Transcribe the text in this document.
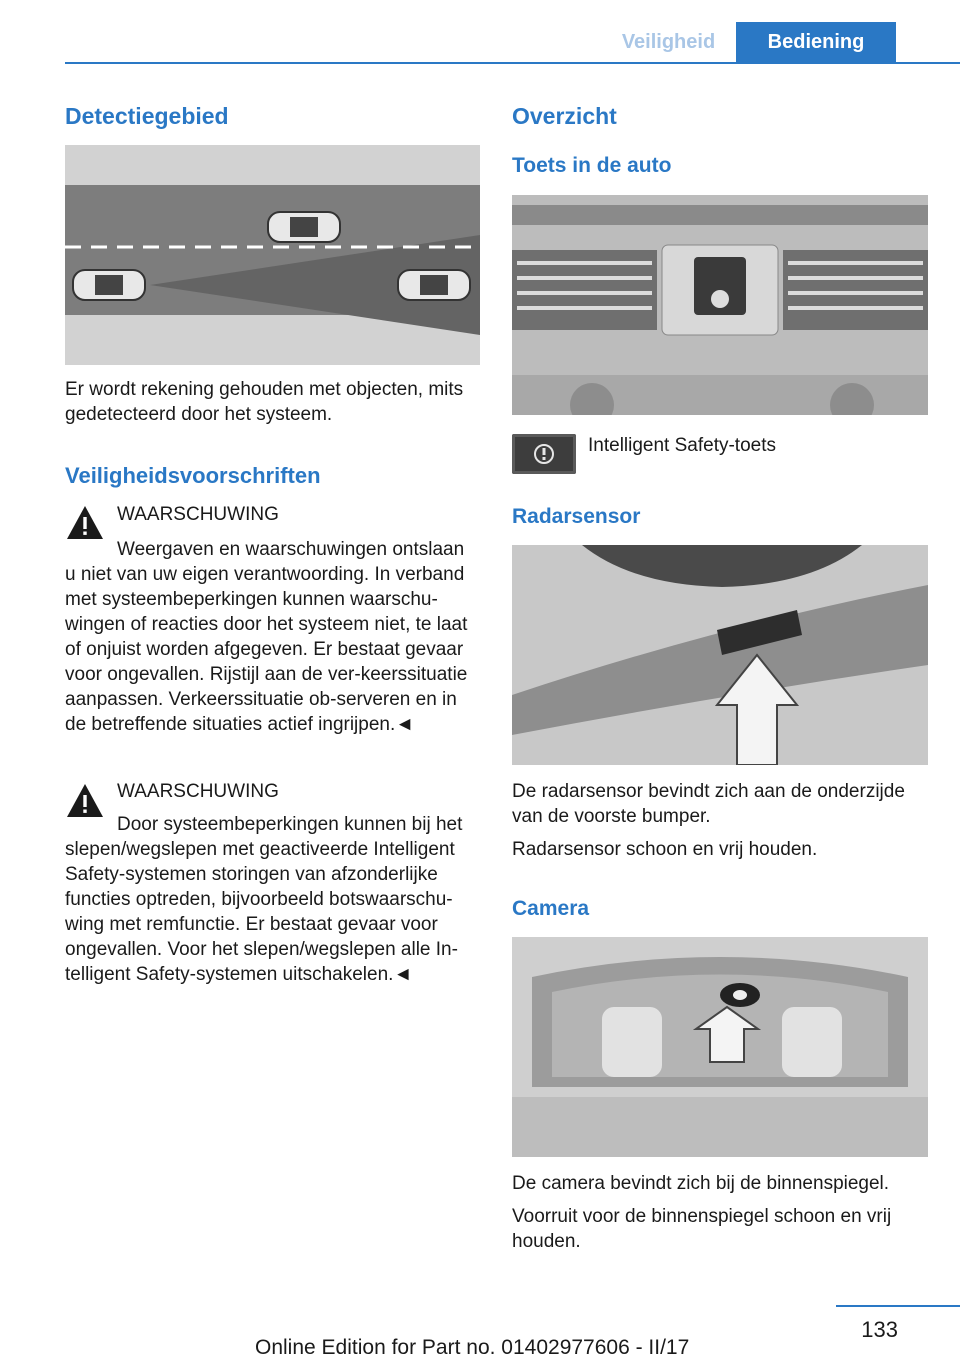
Veiligheid	Bediening
Detectiegebied
Er wordt rekening gehouden met objecten, mits gedetecteerd door het systeem.
Veiligheidsvoorschriften
WAARSCHUWING
Weergaven en waarschuwingen ontslaan
u niet van uw eigen verantwoording. In verband met systeembeperkingen kunnen waarschu-wingen of reacties door het systeem niet, te laat of onjuist worden afgegeven. Er bestaat gevaar voor ongevallen. Rijstijl aan de ver-keerssituatie aanpassen. Verkeerssituatie ob-serveren en in de betreffende situaties actief ingrijpen.◄
WAARSCHUWING
Door systeembeperkingen kunnen bij het
slepen/wegslepen met geactiveerde Intelligent Safety-systemen storingen van afzonderlijke functies optreden, bijvoorbeeld botswaarschu-wing met remfunctie. Er bestaat gevaar voor ongevallen. Voor het slepen/wegslepen alle In-telligent Safety-systemen uitschakelen.◄
Overzicht
Toets in de auto
Intelligent Safety-toets
Radarsensor
De radarsensor bevindt zich aan de onderzijde van de voorste bumper.
Radarsensor schoon en vrij houden.
Camera
De camera bevindt zich bij de binnenspiegel.
Voorruit voor de binnenspiegel schoon en vrij houden.
133
Online Edition for Part no. 01402977606 - II/17
